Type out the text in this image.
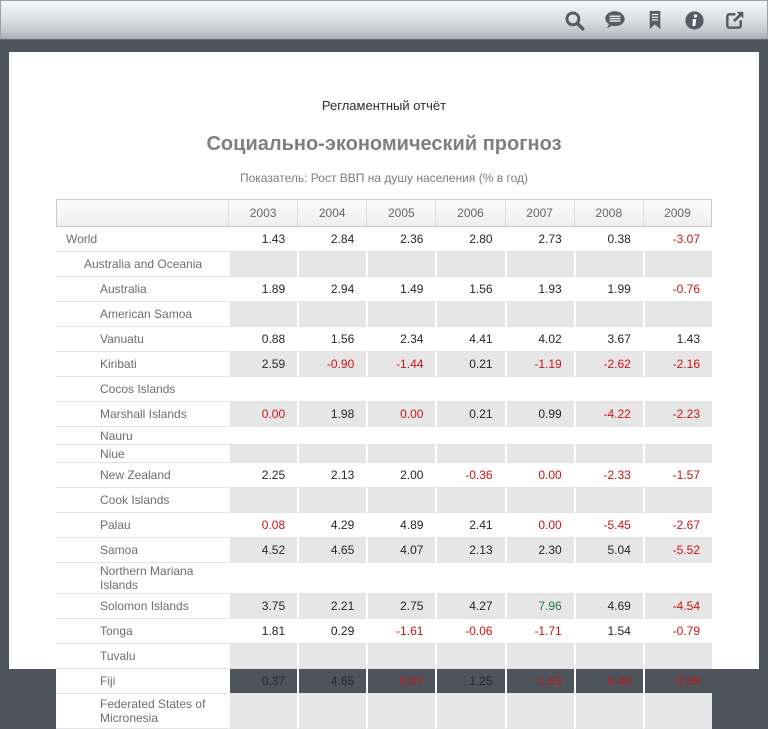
Регламентный отчёт
Социально-экономический прогноз
Показатель: Рост ВВП на душу населения (% в год)
	2003	2004	2005	2006	2007	2008	2009
World	1.43	2.84	2.36	2.80	2.73	0.38	-3.07
Australia and Oceania							
Australia	1.89	2.94	1.49	1.56	1.93	1.99	-0.76
American Samoa							
Vanuatu	0.88	1.56	2.34	4.41	4.02	3.67	1.43
Kiribati	2.59	-0.90	-1.44	0.21	-1.19	-2.62	-2.16
Cocos Islands							
Marshall Islands	0.00	1.98	0.00	0.21	0.99	-4.22	-2.23
Nauru							
Niue							
New Zealand	2.25	2.13	2.00	-0.36	0.00	-2.33	-1.57
Cook Islands							
Palau	0.08	4.29	4.89	2.41	0.00	-5.45	-2.67
Samoa	4.52	4.65	4.07	2.13	2.30	5.04	-5.52
Northern Mariana Islands							
Solomon Islands	3.75	2.21	2.75	4.27	7.96	4.69	-4.54
Tonga	1.81	0.29	-1.61	-0.06	-1.71	1.54	-0.79
Tuvalu							
Fiji	0.37	4.65	0.07	1.25	-1.53	-0.43	-3.59
Federated States of Micronesia							
